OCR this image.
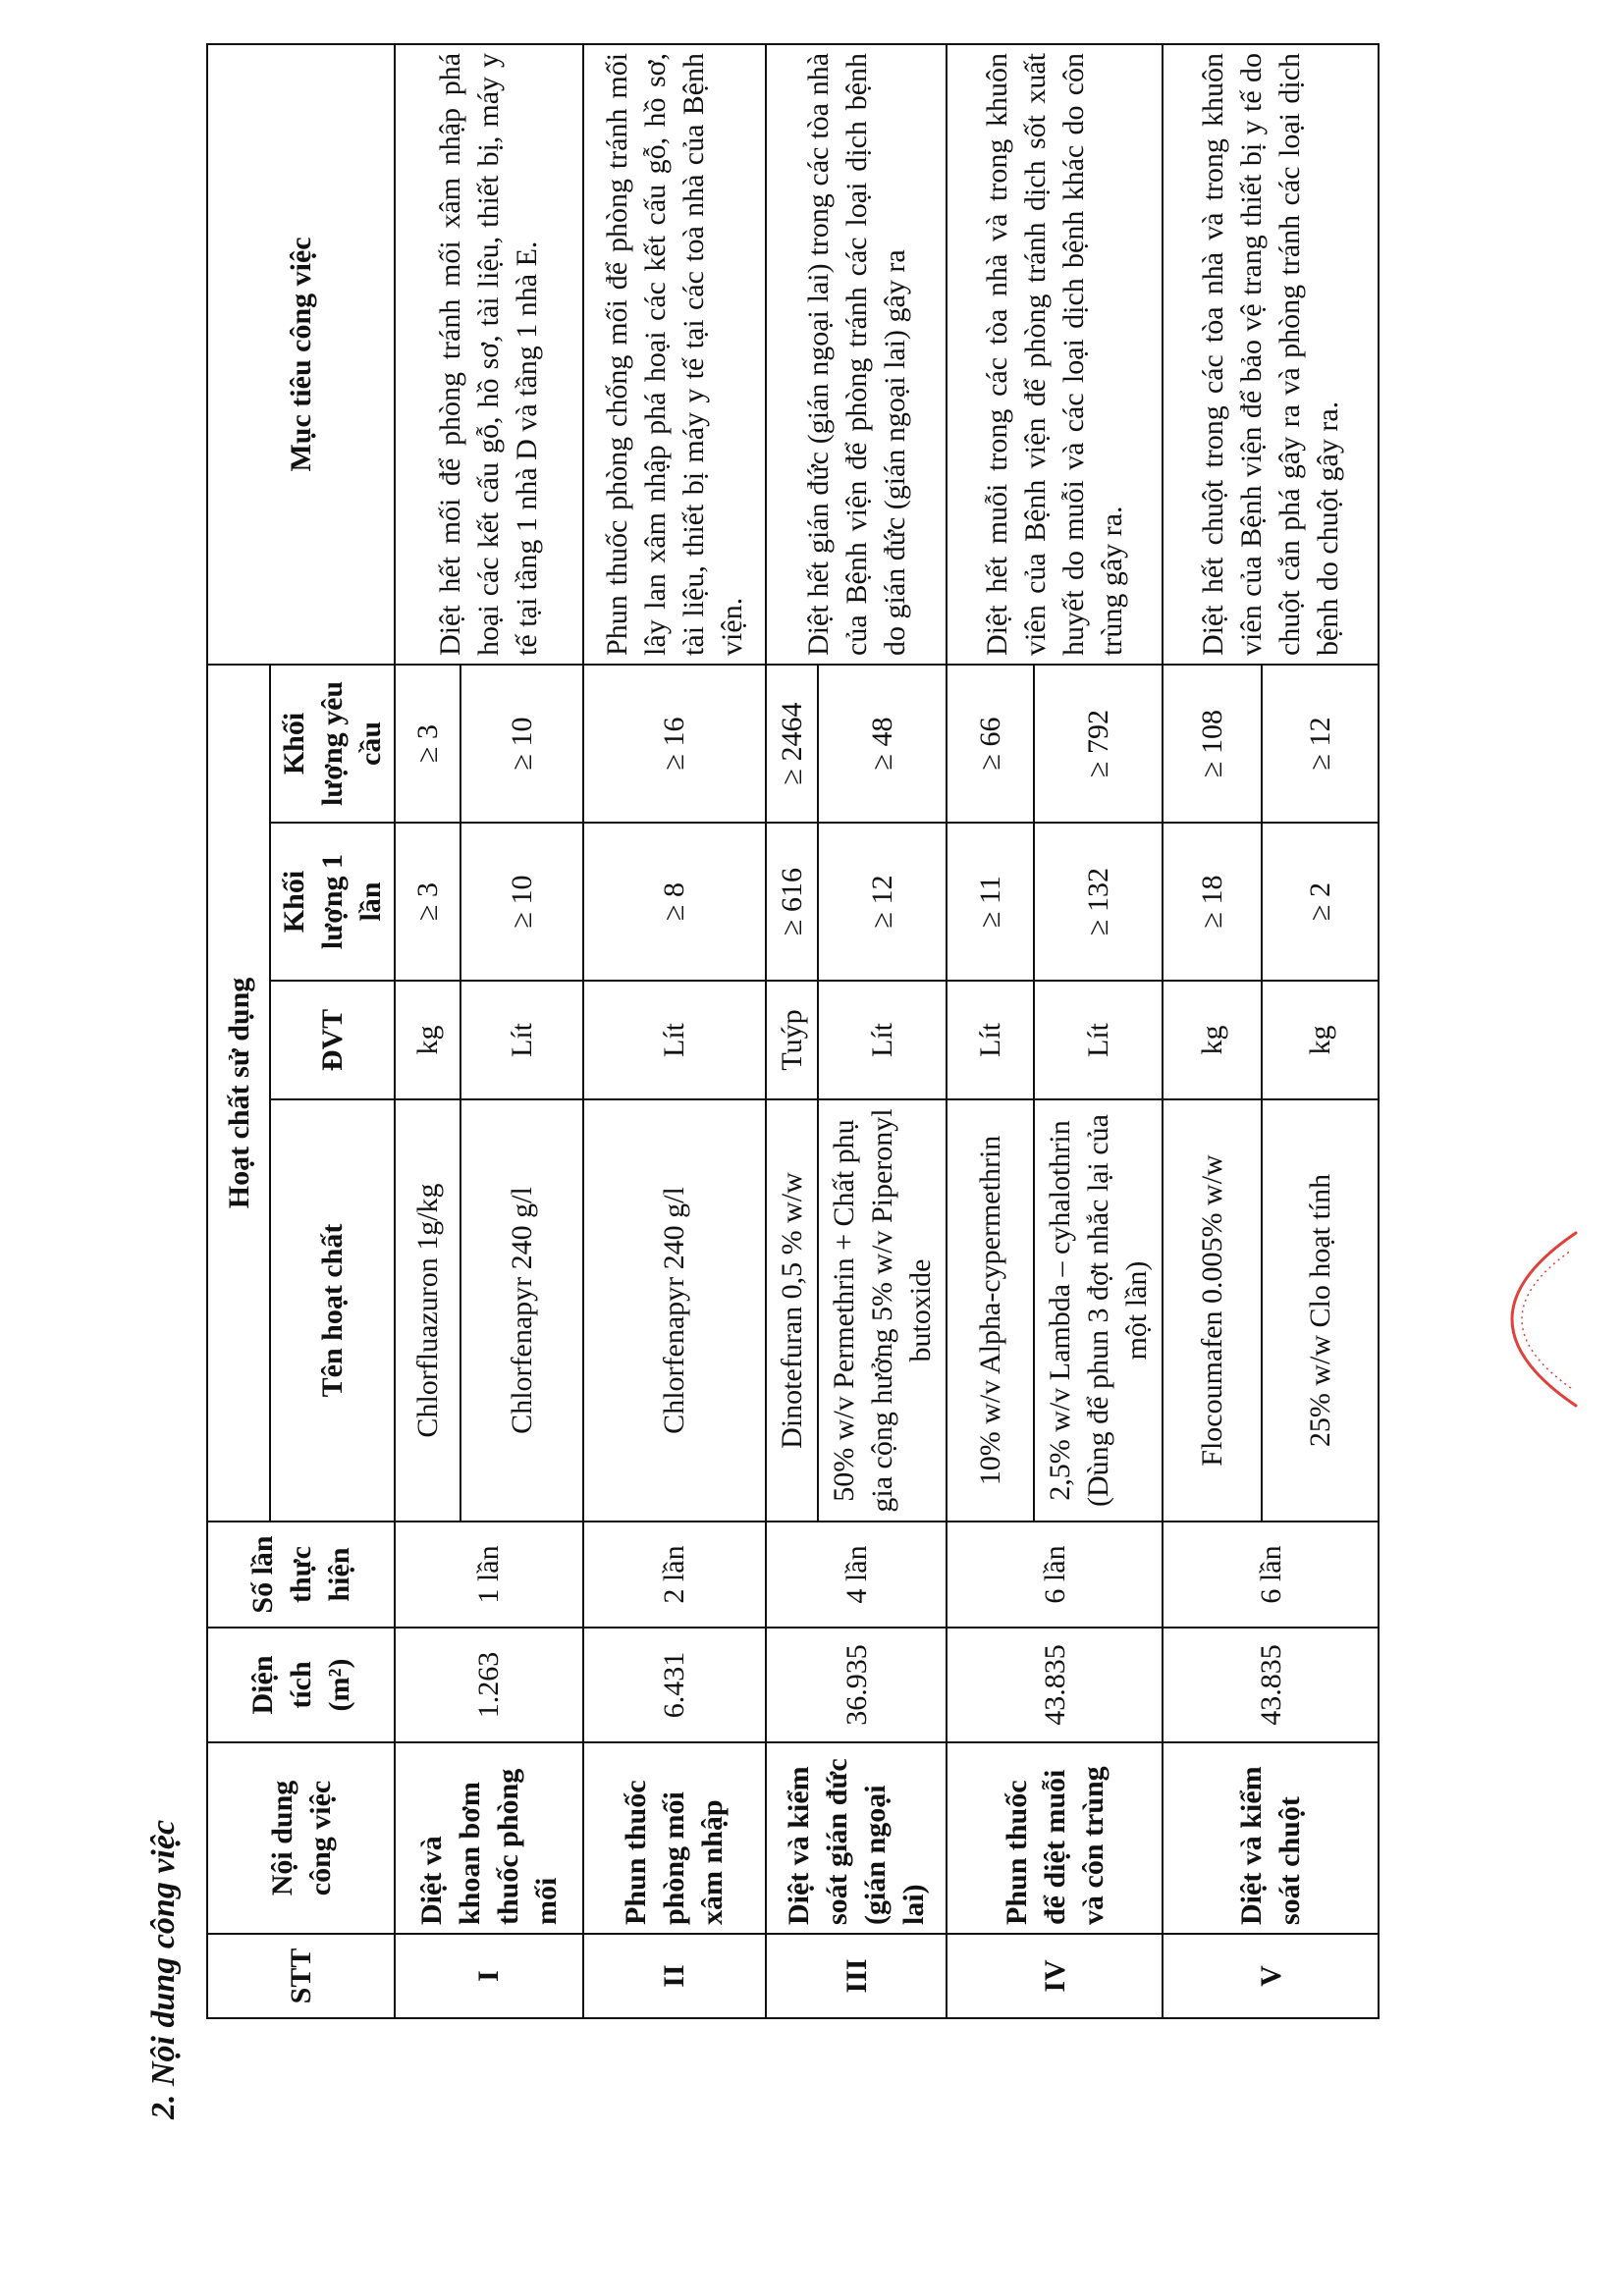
2. Nội dung công việc	STT	Nội dung công việc	Diện tích (m²)	Số lần thực hiện	Hoạt chất sử dụng				Mục tiêu công việc
				Tên hoạt chất	ĐVT	Khối lượng 1 lần	Khối lượng yêu cầu	
I	Diệt và khoan bơm thuốc phòng mối	1.263	1 lần	Chlorfluazuron 1g/kg	kg	≥ 3	≥ 3	Diệt hết mối để phòng tránh mối xâm nhập phá hoại các kết cấu gỗ, hồ sơ, tài liệu, thiết bị, máy y tế tại tầng 1 nhà D và tầng 1 nhà E.
				Chlorfenapyr 240 g/l	Lít	≥ 10	≥ 10	
II	Phun thuốc phòng mối xâm nhập	6.431	2 lần	Chlorfenapyr 240 g/l	Lít	≥ 8	≥ 16	Phun thuốc phòng chống mối để phòng tránh mối lây lan xâm nhập phá hoại các kết cấu gỗ, hồ sơ, tài liệu, thiết bị máy y tế tại các toà nhà của Bệnh viện.
III	Diệt và kiểm soát gián đức (gián ngoại lai)	36.935	4 lần	Dinotefuran 0,5 % w/w	Tuýp	≥ 616	≥ 2464	Diệt hết gián đức (gián ngoại lai) trong các tòa nhà của Bệnh viện để phòng tránh các loại dịch bệnh do gián đức (gián ngoại lai) gây ra
				50% w/v Permethrin + Chất phụ gia cộng hưởng 5% w/v Piperonyl butoxide	Lít	≥ 12	≥ 48	
IV	Phun thuốc để diệt muỗi và côn trùng	43.835	6 lần	10% w/v Alpha-cypermethrin	Lít	≥ 11	≥ 66	Diệt hết muỗi trong các tòa nhà và trong khuôn viên của Bệnh viện để phòng tránh dịch sốt xuất huyết do muỗi và các loại dịch bệnh khác do côn trùng gây ra.
				2,5% w/v Lambda – cyhalothrin (Dùng để phun 3 đợt nhắc lại của một lần)	Lít	≥ 132	≥ 792	
V	Diệt và kiểm soát chuột	43.835	6 lần	Flocoumafen 0.005% w/w	kg	≥ 18	≥ 108	Diệt hết chuột trong các tòa nhà và trong khuôn viên của Bệnh viện để bảo vệ trang thiết bị y tế do chuột cắn phá gây ra và phòng tránh các loại dịch bệnh do chuột gây ra.
				25% w/w Clo hoạt tính	kg	≥ 2	≥ 12	
